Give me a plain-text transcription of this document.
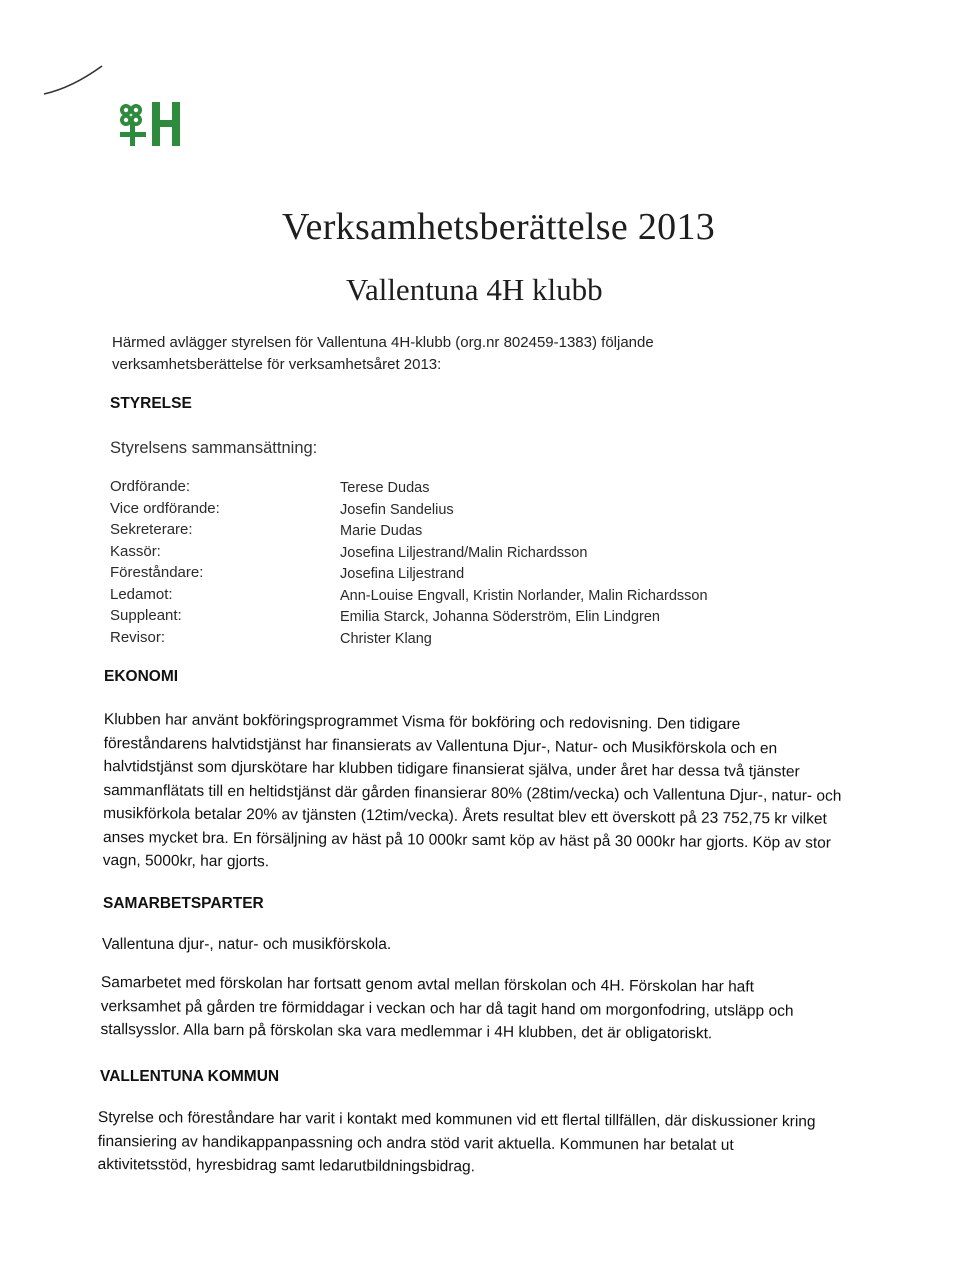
Verksamhetsberättelse 2013
Vallentuna 4H klubb
Härmed avlägger styrelsen för Vallentuna 4H-klubb (org.nr 802459-1383) följande verksamhetsberättelse för verksamhetsåret 2013:
STYRELSE
Styrelsens sammansättning:
Ordförande:	Terese Dudas
Vice ordförande:	Josefin Sandelius
Sekreterare:	Marie Dudas
Kassör:	Josefina Liljestrand/Malin Richardsson
Föreståndare:	Josefina Liljestrand
Ledamot:	Ann-Louise Engvall, Kristin Norlander, Malin Richardsson
Suppleant:	Emilia Starck, Johanna Söderström, Elin Lindgren
Revisor:	Christer Klang
EKONOMI
Klubben har använt bokföringsprogrammet Visma för bokföring och redovisning. Den tidigare föreståndarens halvtidstjänst har finansierats av Vallentuna Djur-, Natur- och Musikförskola och en halvtidstjänst som djurskötare har klubben tidigare finansierat själva, under året har dessa två tjänster sammanflätats till en heltidstjänst där gården finansierar 80% (28tim/vecka) och Vallentuna Djur-, natur- och musikförkola betalar 20% av tjänsten (12tim/vecka). Årets resultat blev ett överskott på 23 752,75 kr vilket anses mycket bra. En försäljning av häst på 10 000kr samt köp av häst på 30 000kr har gjorts. Köp av stor vagn, 5000kr, har gjorts.
SAMARBETSPARTER
Vallentuna djur-, natur- och musikförskola.
Samarbetet med förskolan har fortsatt genom avtal mellan förskolan och 4H. Förskolan har haft verksamhet på gården tre förmiddagar i veckan och har då tagit hand om morgonfodring, utsläpp och stallsysslor. Alla barn på förskolan ska vara medlemmar i 4H klubben, det är obligatoriskt.
VALLENTUNA KOMMUN
Styrelse och föreståndare har varit i kontakt med kommunen vid ett flertal tillfällen, där diskussioner kring finansiering av handikappanpassning och andra stöd varit aktuella. Kommunen har betalat ut aktivitetsstöd, hyresbidrag samt ledarutbildningsbidrag.
